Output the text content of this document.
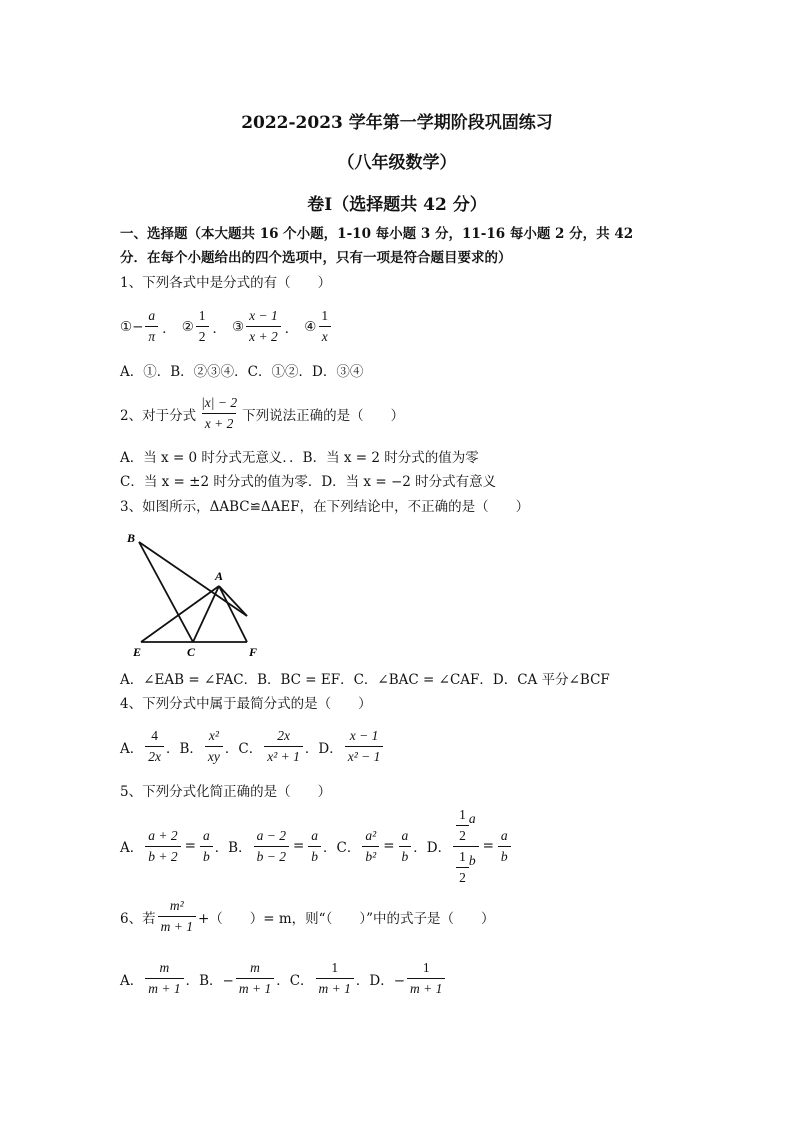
2022-2023 学年第一学期阶段巩固练习
（八年级数学）
卷Ⅰ（选择题共 42 分）
一、选择题（本大题共 16 个小题，1-10 每小题 3 分，11-16 每小题 2 分，共 42
分．在每个小题给出的四个选项中，只有一项是符合题目要求的）
1、下列各式中是分式的有（　　）
① − $\frac{a}{\pi}$ ． ② $\frac{1}{2}$ ． ③ $\frac{x - 1}{x + 2}$ ． ④ $\frac{1}{x}$
A．①．B．②③④．C．①②．D．③④
2、对于分式 $\frac{|x| - 2}{x + 2}$ 下列说法正确的是（　　）
A．当 x = 0 时分式无意义．．B．当 x = 2 时分式的值为零
C．当 x = ±2 时分式的值为零．D．当 x = −2 时分式有意义
3、如图所示，ΔABC≌ΔAEF，在下列结论中，不正确的是（　　）
B
A
E	C	F
A．∠EAB = ∠FAC．B．BC = EF．C．∠BAC = ∠CAF．D．CA 平分∠BCF
4、下列分式中属于最简分式的是（　　）
A． $\frac{4}{2x}$ ．B． $\frac{\text{x²}}{xy}$ ．C． $\frac{2x}{\text{x² + 1}}$ ．D． $\frac{x - 1}{\text{x² − 1}}$
5、下列分式化简正确的是（　　）
A． $\frac{a + 2}{b + 2} = \frac{a}{b}$ ．B． $\frac{a - 2}{b - 2} = \frac{a}{b}$ ．C． $\frac{\text{a²}}{\text{b²}} = \frac{a}{b}$ ．D． $\frac{\frac{1}{2} a}{\frac{1}{2} b} = \frac{a}{b}$
6、若 $\frac{\text{m²}}{m + 1}$ +（　　）= m，则“（　　）”中的式子是（　　）
A． $\frac{m}{m + 1}$ ．B．− $\frac{m}{m + 1}$ ．C． $\frac{1}{m + 1}$ ．D．− $\frac{1}{m + 1}$
